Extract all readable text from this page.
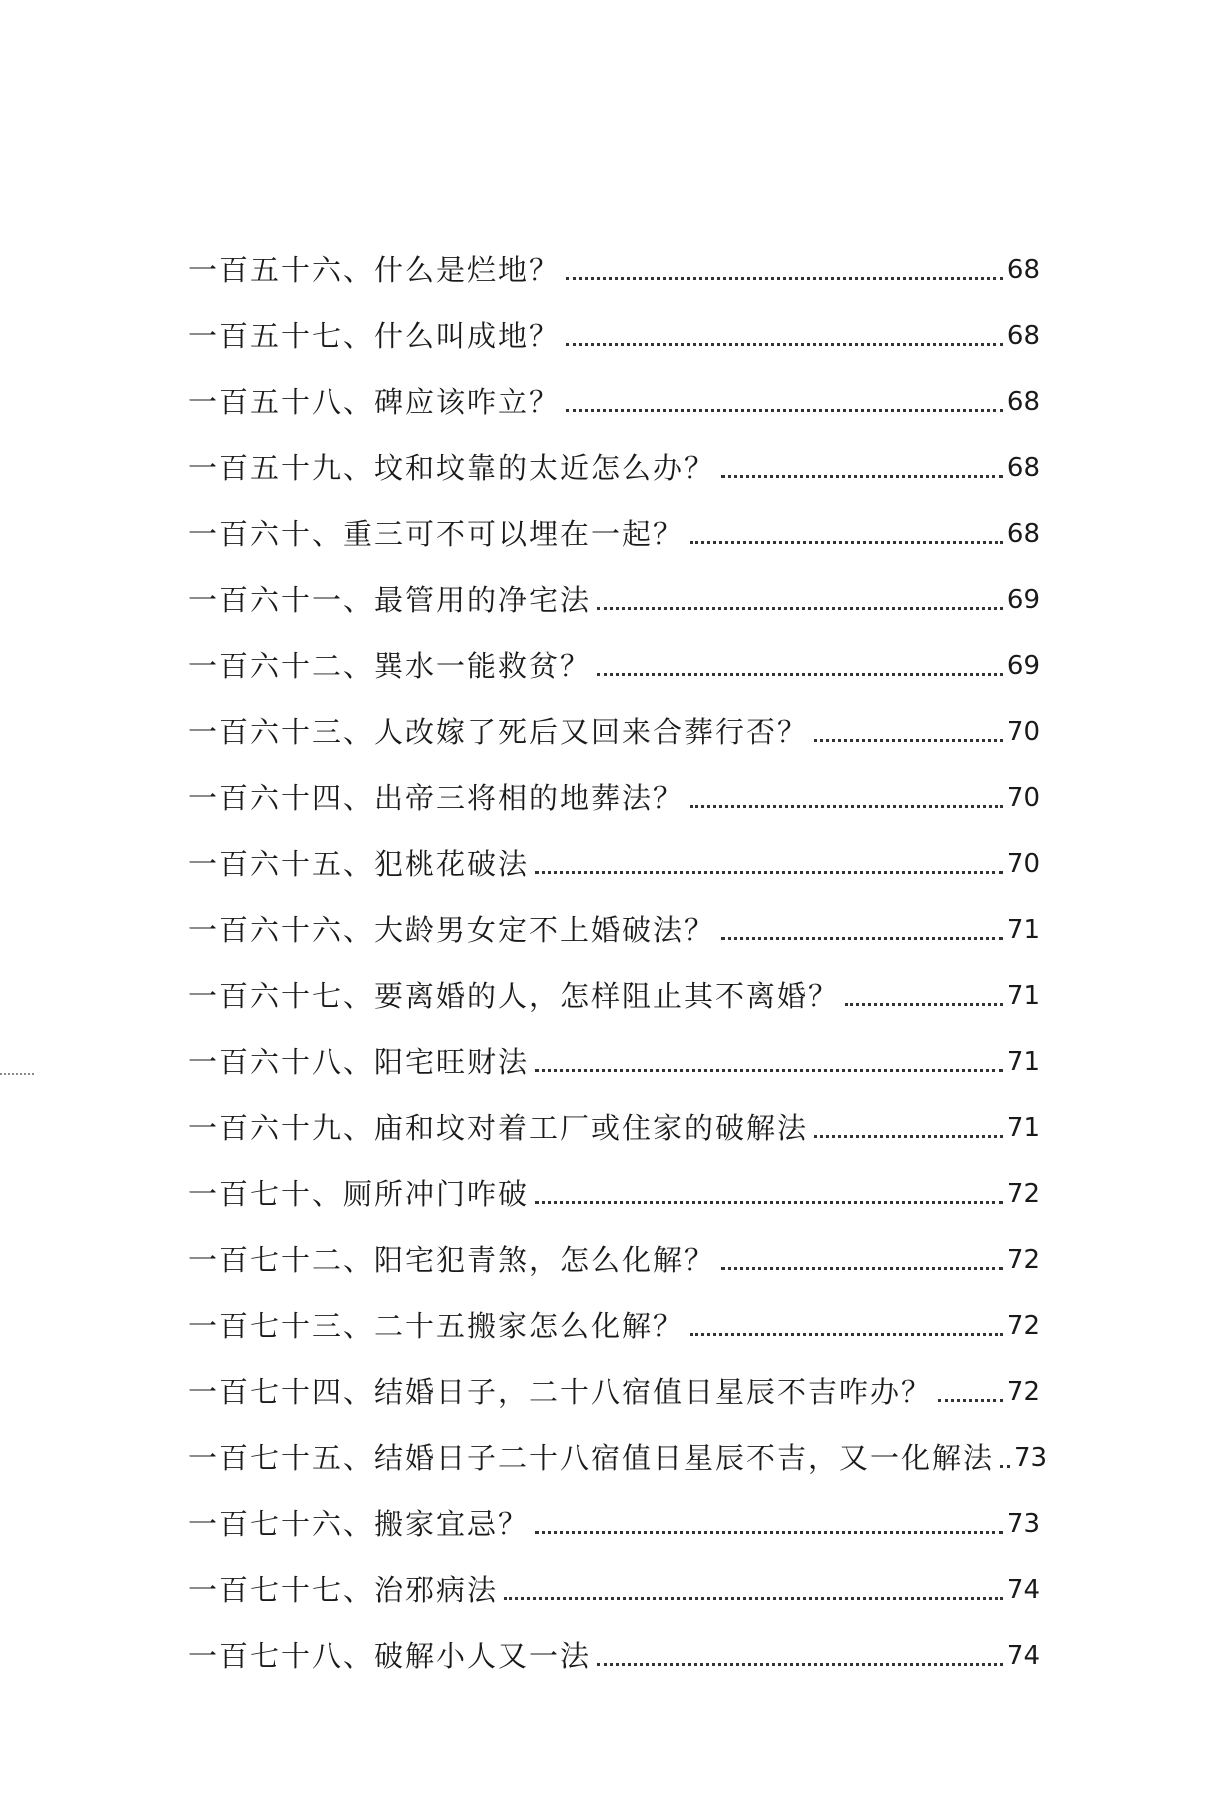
一百五十六、什么是烂地？	68
一百五十七、什么叫成地？	68
一百五十八、碑应该咋立？	68
一百五十九、坟和坟靠的太近怎么办？	68
一百六十、重三可不可以埋在一起？	68
一百六十一、最管用的净宅法	69
一百六十二、巽水一能救贫？	69
一百六十三、人改嫁了死后又回来合葬行否？	70
一百六十四、出帝三将相的地葬法？	70
一百六十五、犯桃花破法	70
一百六十六、大龄男女定不上婚破法？	71
一百六十七、要离婚的人，怎样阻止其不离婚？	71
一百六十八、阳宅旺财法	71
一百六十九、庙和坟对着工厂或住家的破解法	71
一百七十、厕所冲门咋破	72
一百七十二、阳宅犯青煞，怎么化解？	72
一百七十三、二十五搬家怎么化解？	72
一百七十四、结婚日子，二十八宿值日星辰不吉咋办？	72
一百七十五、结婚日子二十八宿值日星辰不吉，又一化解法 73
一百七十六、搬家宜忌？	73
一百七十七、治邪病法	74
一百七十八、破解小人又一法	74
